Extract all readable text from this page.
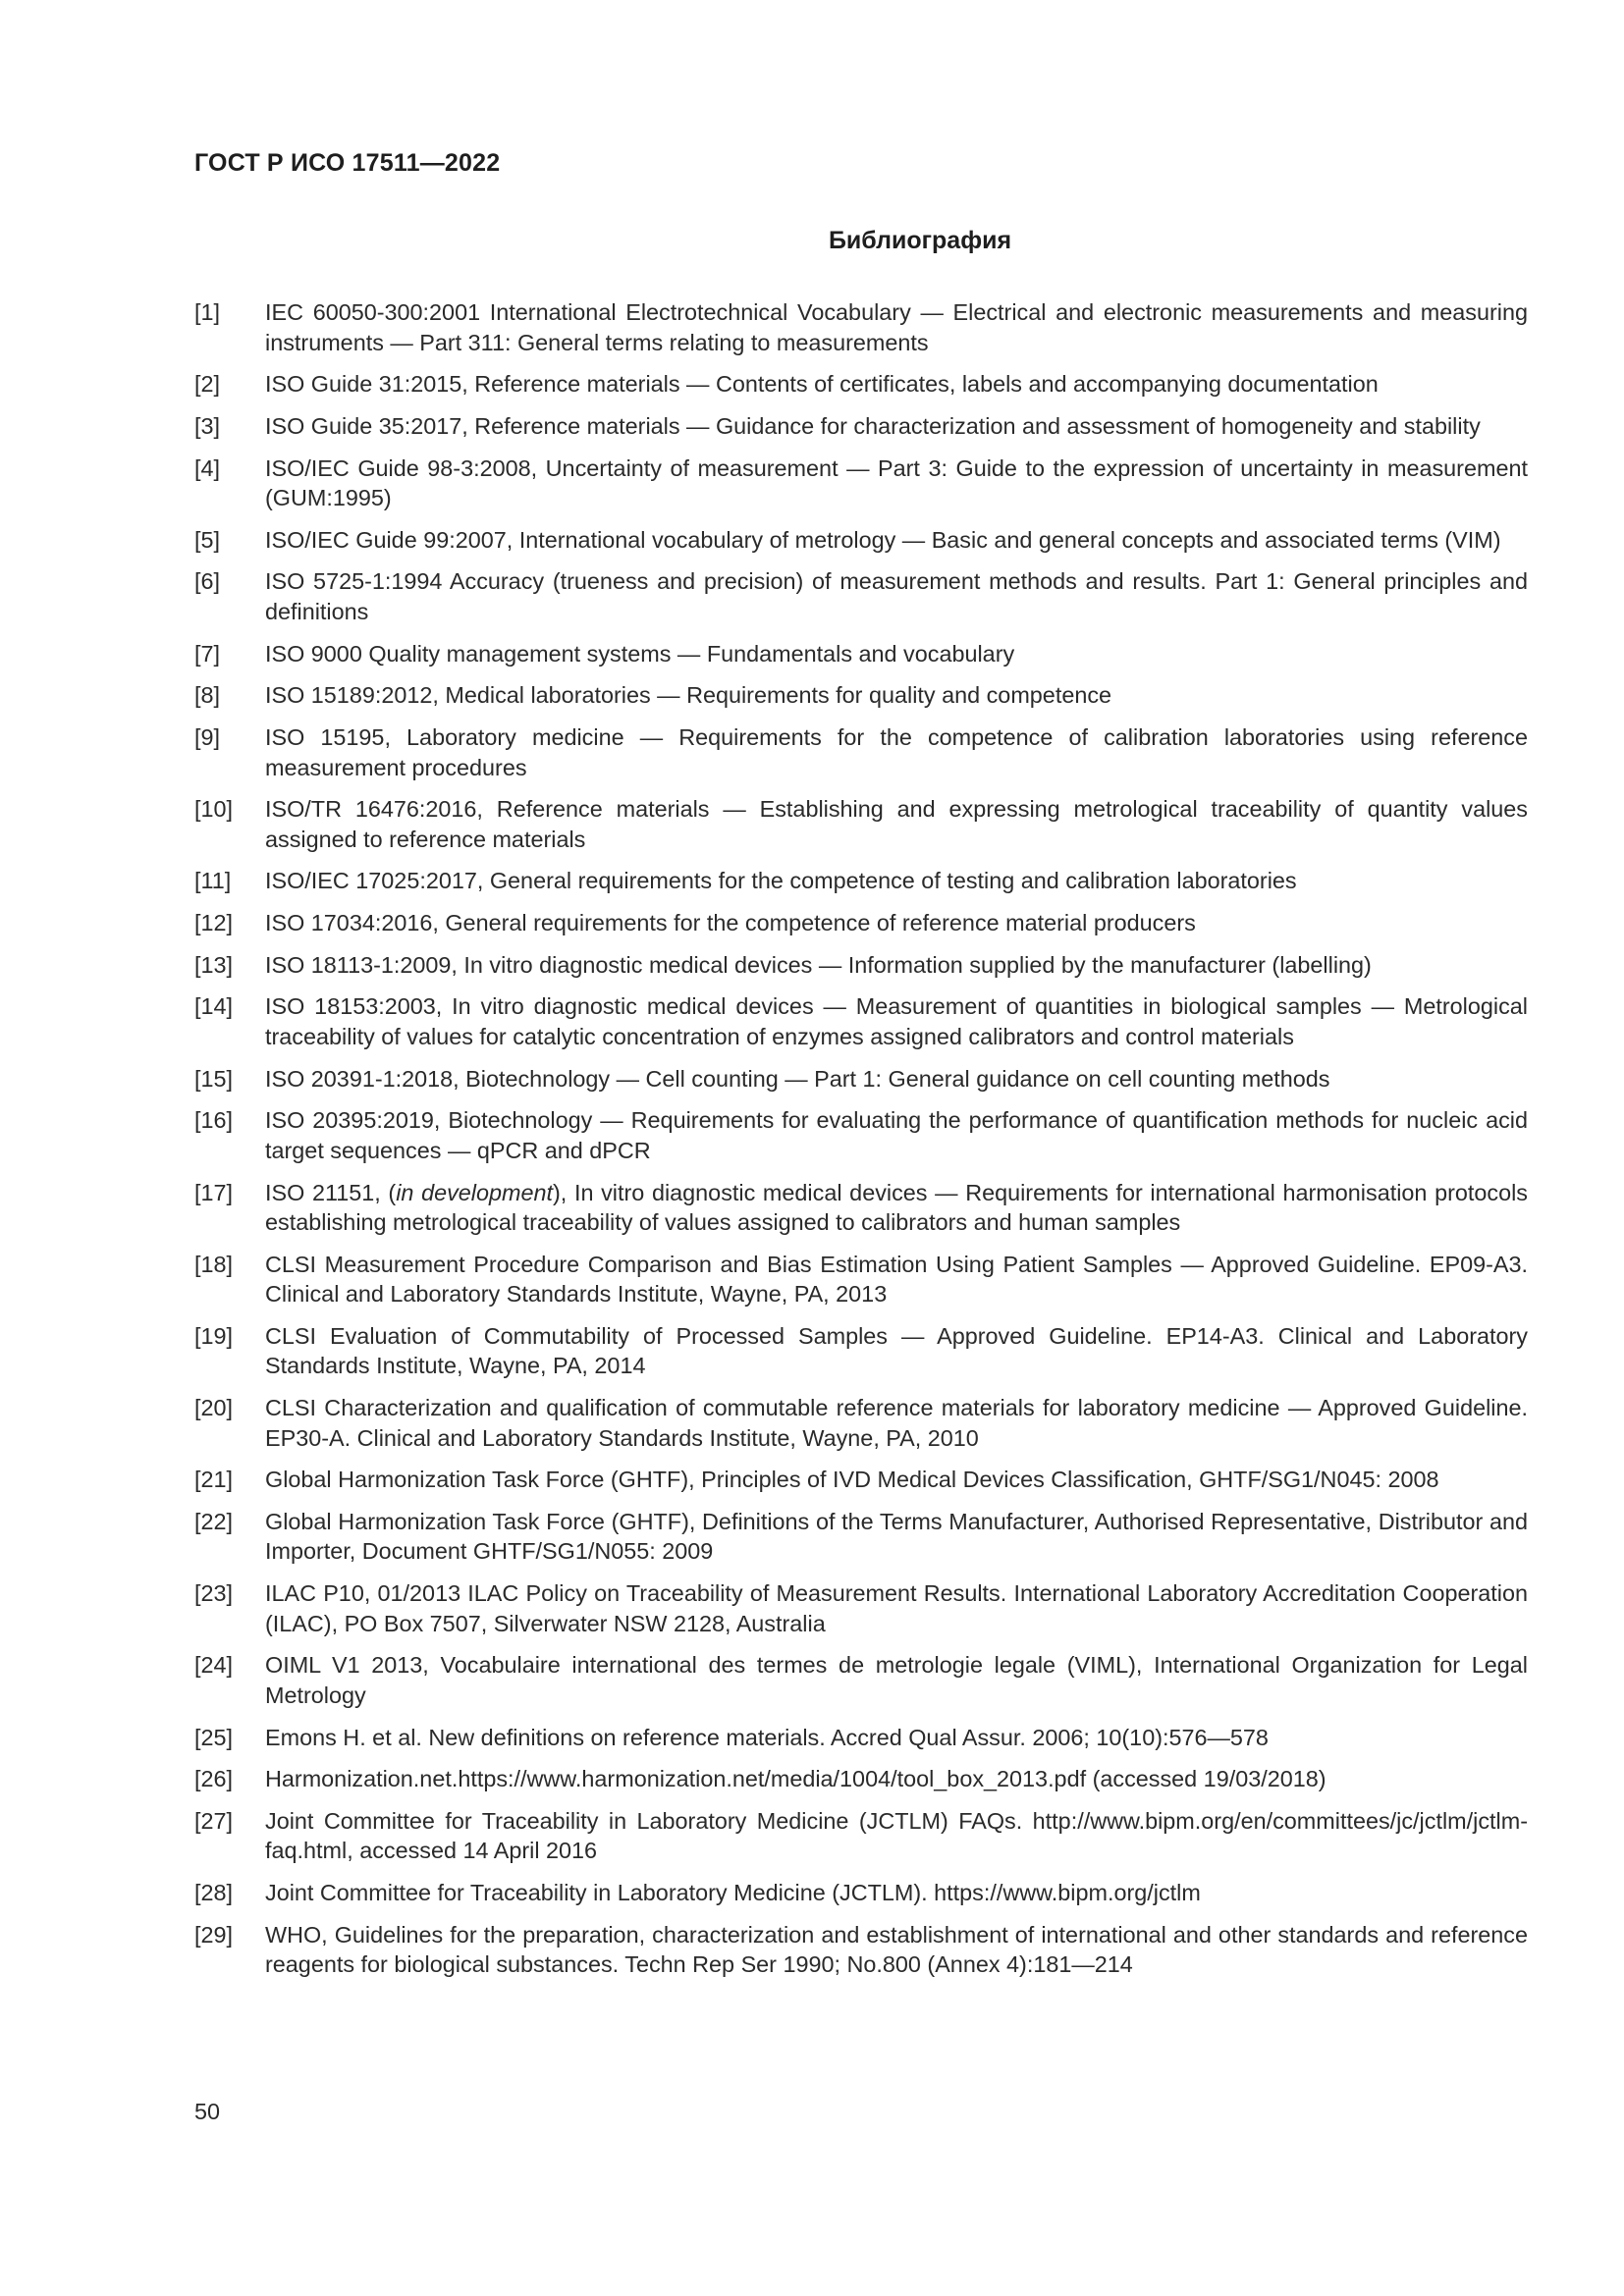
ГОСТ Р ИСО 17511—2022
Библиография
[1]	IEC 60050-300:2001 International Electrotechnical Vocabulary — Electrical and electronic measurements and measuring instruments — Part 311: General terms relating to measurements
[2]	ISO Guide 31:2015, Reference materials — Contents of certificates, labels and accompanying documentation
[3]	ISO Guide 35:2017, Reference materials — Guidance for characterization and assessment of homogeneity and stability
[4]	ISO/IEC Guide 98-3:2008, Uncertainty of measurement — Part 3: Guide to the expression of uncertainty in measurement (GUM:1995)
[5]	ISO/IEC Guide 99:2007, International vocabulary of metrology — Basic and general concepts and associated terms (VIM)
[6]	ISO 5725-1:1994 Accuracy (trueness and precision) of measurement methods and results. Part 1: General principles and definitions
[7]	ISO 9000 Quality management systems — Fundamentals and vocabulary
[8]	ISO 15189:2012, Medical laboratories — Requirements for quality and competence
[9]	ISO 15195, Laboratory medicine — Requirements for the competence of calibration laboratories using reference measurement procedures
[10]	ISO/TR 16476:2016, Reference materials — Establishing and expressing metrological traceability of quantity values assigned to reference materials
[11]	ISO/IEC 17025:2017, General requirements for the competence of testing and calibration laboratories
[12]	ISO 17034:2016, General requirements for the competence of reference material producers
[13]	ISO 18113-1:2009, In vitro diagnostic medical devices — Information supplied by the manufacturer (labelling)
[14]	ISO 18153:2003, In vitro diagnostic medical devices — Measurement of quantities in biological samples — Metrological traceability of values for catalytic concentration of enzymes assigned calibrators and control materials
[15]	ISO 20391-1:2018, Biotechnology — Cell counting — Part 1: General guidance on cell counting methods
[16]	ISO 20395:2019, Biotechnology — Requirements for evaluating the performance of quantification methods for nucleic acid target sequences — qPCR and dPCR
[17]	ISO 21151, (in development), In vitro diagnostic medical devices — Requirements for international harmonisation protocols establishing metrological traceability of values assigned to calibrators and human samples
[18]	CLSI Measurement Procedure Comparison and Bias Estimation Using Patient Samples — Approved Guideline. EP09-A3. Clinical and Laboratory Standards Institute, Wayne, PA, 2013
[19]	CLSI Evaluation of Commutability of Processed Samples — Approved Guideline. EP14-A3. Clinical and Laboratory Standards Institute, Wayne, PA, 2014
[20]	CLSI Characterization and qualification of commutable reference materials for laboratory medicine — Approved Guideline. EP30-A. Clinical and Laboratory Standards Institute, Wayne, PA, 2010
[21]	Global Harmonization Task Force (GHTF), Principles of IVD Medical Devices Classification, GHTF/SG1/N045: 2008
[22]	Global Harmonization Task Force (GHTF), Definitions of the Terms Manufacturer, Authorised Representative, Distributor and Importer, Document GHTF/SG1/N055: 2009
[23]	ILAC P10, 01/2013 ILAC Policy on Traceability of Measurement Results. International Laboratory Accreditation Cooperation (ILAC), PO Box 7507, Silverwater NSW 2128, Australia
[24]	OIML V1 2013, Vocabulaire international des termes de metrologie legale (VIML), International Organization for Legal Metrology
[25]	Emons H. et al. New definitions on reference materials. Accred Qual Assur. 2006; 10(10):576—578
[26]	Harmonization.net.https://www.harmonization.net/media/1004/tool_box_2013.pdf (accessed 19/03/2018)
[27]	Joint Committee for Traceability in Laboratory Medicine (JCTLM) FAQs. http://www.bipm.org/en/committees/jc/jctlm/jctlm-faq.html, accessed 14 April 2016
[28]	Joint Committee for Traceability in Laboratory Medicine (JCTLM). https://www.bipm.org/jctlm
[29]	WHO, Guidelines for the preparation, characterization and establishment of international and other standards and reference reagents for biological substances. Techn Rep Ser 1990; No.800 (Annex 4):181—214
50
